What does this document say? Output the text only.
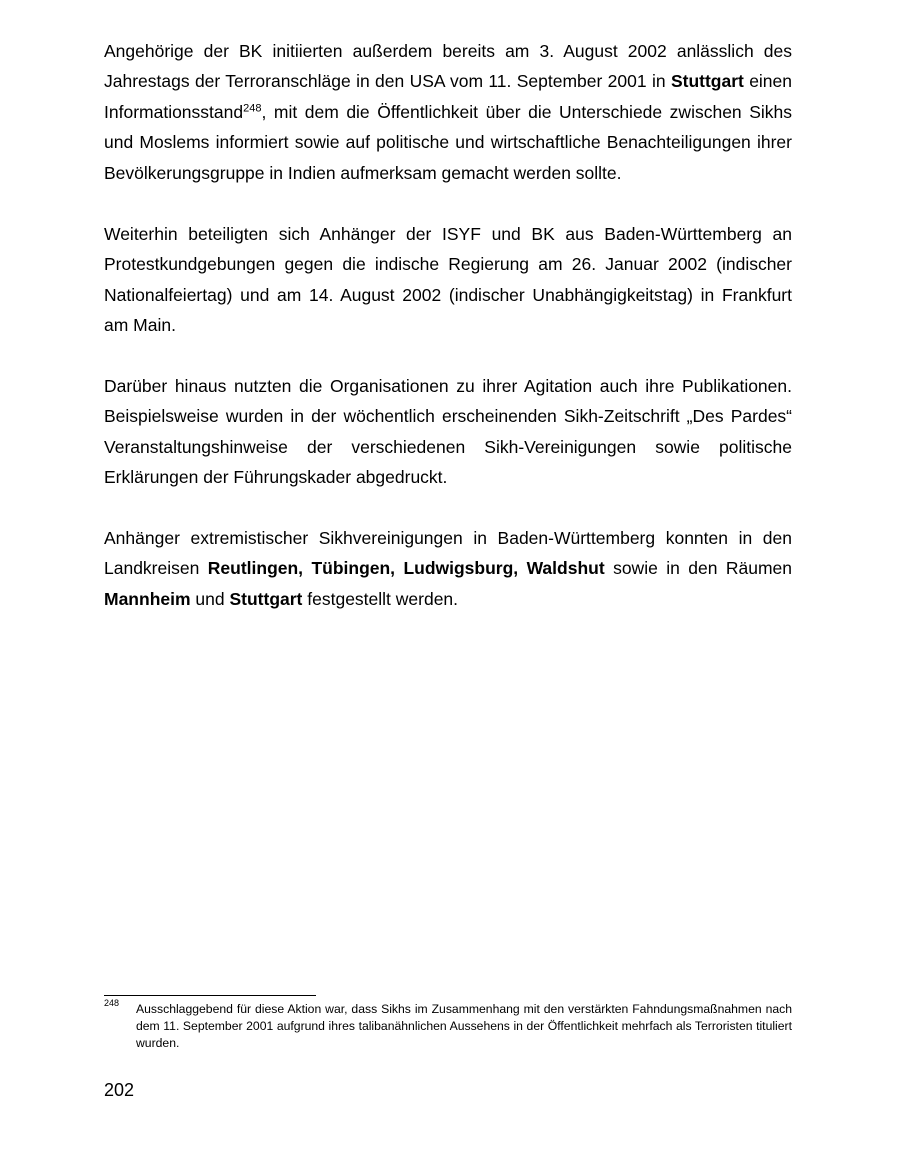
Angehörige der BK initiierten außerdem bereits am 3. August 2002 anlässlich des Jahrestags der Terroranschläge in den USA vom 11. September 2001 in Stuttgart einen Informationsstand$^{248}$, mit dem die Öffentlichkeit über die Unterschiede zwischen Sikhs und Moslems informiert sowie auf politische und wirtschaftliche Benachteiligungen ihrer Bevölkerungsgruppe in Indien aufmerksam gemacht werden sollte.

Weiterhin beteiligten sich Anhänger der ISYF und BK aus Baden-Württemberg an Protestkundgebungen gegen die indische Regierung am 26. Januar 2002 (indischer Nationalfeiertag) und am 14. August 2002 (indischer Unabhängigkeitstag) in Frankfurt am Main.

Darüber hinaus nutzten die Organisationen zu ihrer Agitation auch ihre Publikationen. Beispielsweise wurden in der wöchentlich erscheinenden Sikh-Zeitschrift „Des Pardes“ Veranstaltungshinweise der verschiedenen Sikh-Vereinigungen sowie politische Erklärungen der Führungskader abgedruckt.

Anhänger extremistischer Sikhvereinigungen in Baden-Württemberg konnten in den Landkreisen Reutlingen, Tübingen, Ludwigsburg, Waldshut sowie in den Räumen Mannheim und Stuttgart festgestellt werden.

248 Ausschlaggebend für diese Aktion war, dass Sikhs im Zusammenhang mit den verstärkten Fahndungsmaßnahmen nach dem 11. September 2001 aufgrund ihres talibanähnlichen Aussehens in der Öffentlichkeit mehrfach als Terroristen tituliert wurden.
202
